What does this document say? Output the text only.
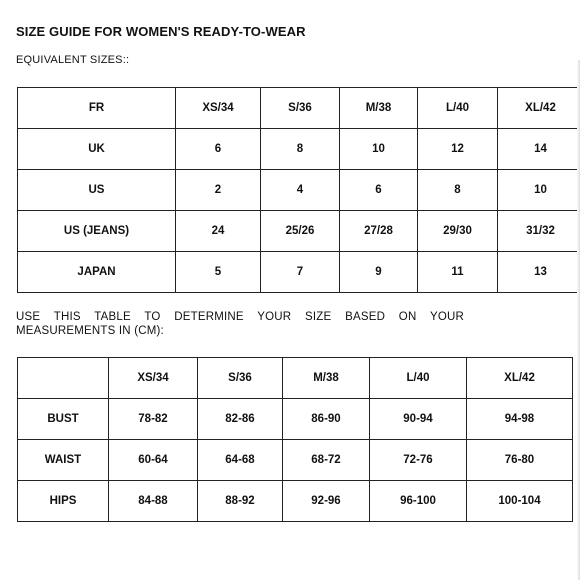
SIZE GUIDE FOR WOMEN'S READY-TO-WEAR
EQUIVALENT SIZES::
FR	XS/34	S/36	M/38	L/40	XL/42
UK	6	8	10	12	14
US	2	4	6	8	10
US (JEANS)	24	25/26	27/28	29/30	31/32
JAPAN	5	7	9	11	13
USE THIS TABLE TO DETERMINE YOUR SIZE BASED ON YOUR MEASUREMENTS IN (CM):
	XS/34	S/36	M/38	L/40	XL/42
BUST	78-82	82-86	86-90	90-94	94-98
WAIST	60-64	64-68	68-72	72-76	76-80
HIPS	84-88	88-92	92-96	96-100	100-104
